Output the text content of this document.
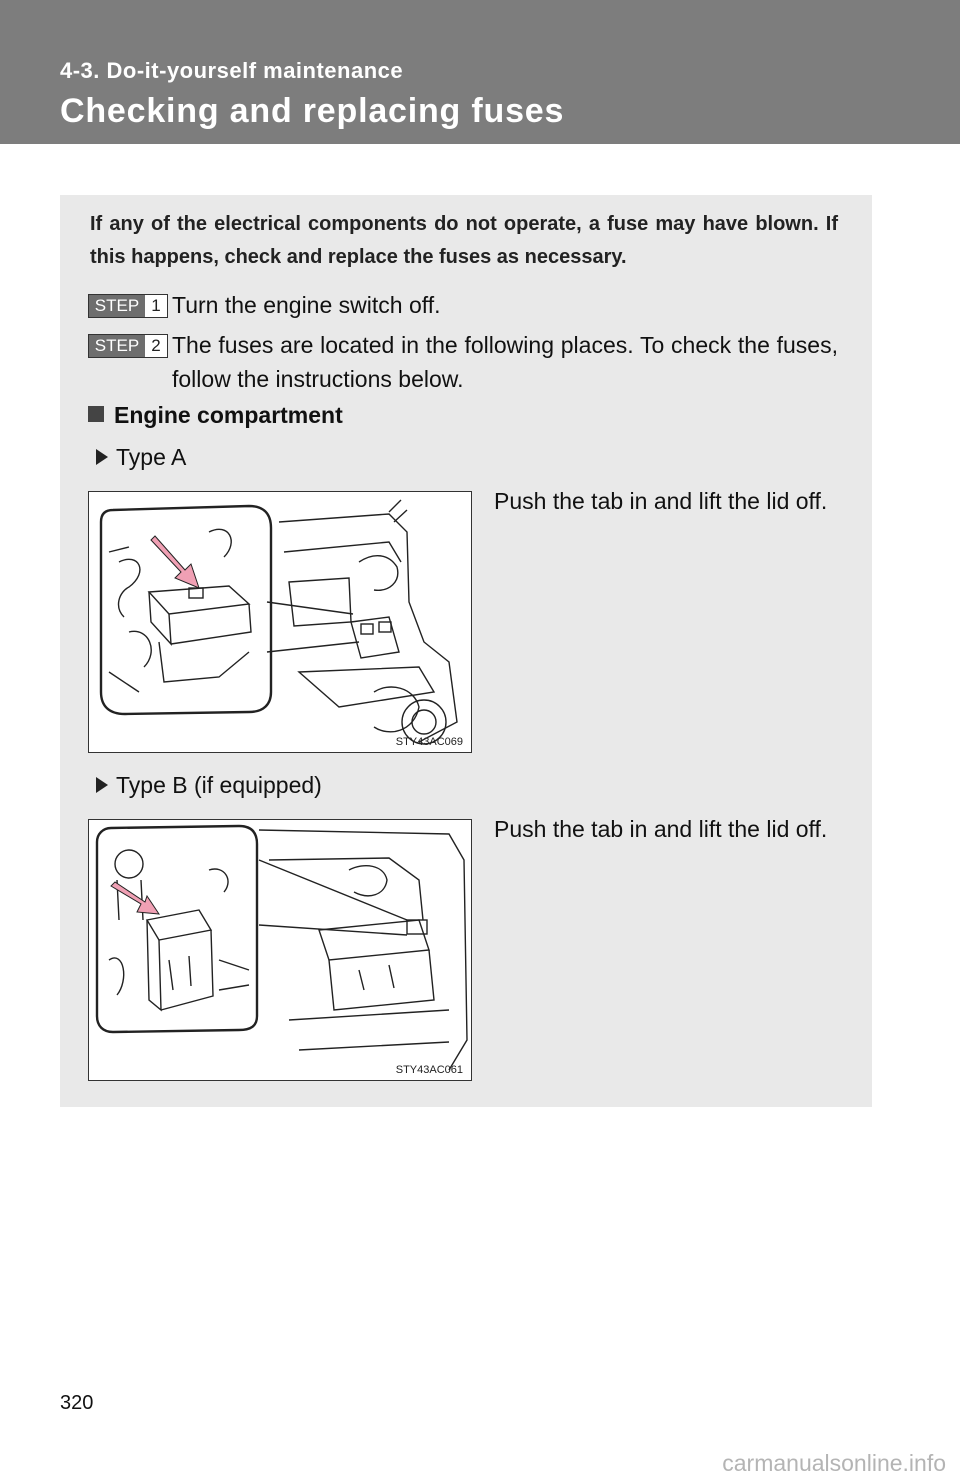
4-3. Do-it-yourself maintenance
Checking and replacing fuses
If any of the electrical components do not operate, a fuse may have blown. If this happens, check and replace the fuses as necessary.
STEP 1 Turn the engine switch off.
STEP 2 The fuses are located in the following places. To check the fuses, follow the instructions below.
Engine compartment
Type A
STY43AC069
Push the tab in and lift the lid off.
Type B (if equipped)
STY43AC061
Push the tab in and lift the lid off.
320
carmanualsonline.info
